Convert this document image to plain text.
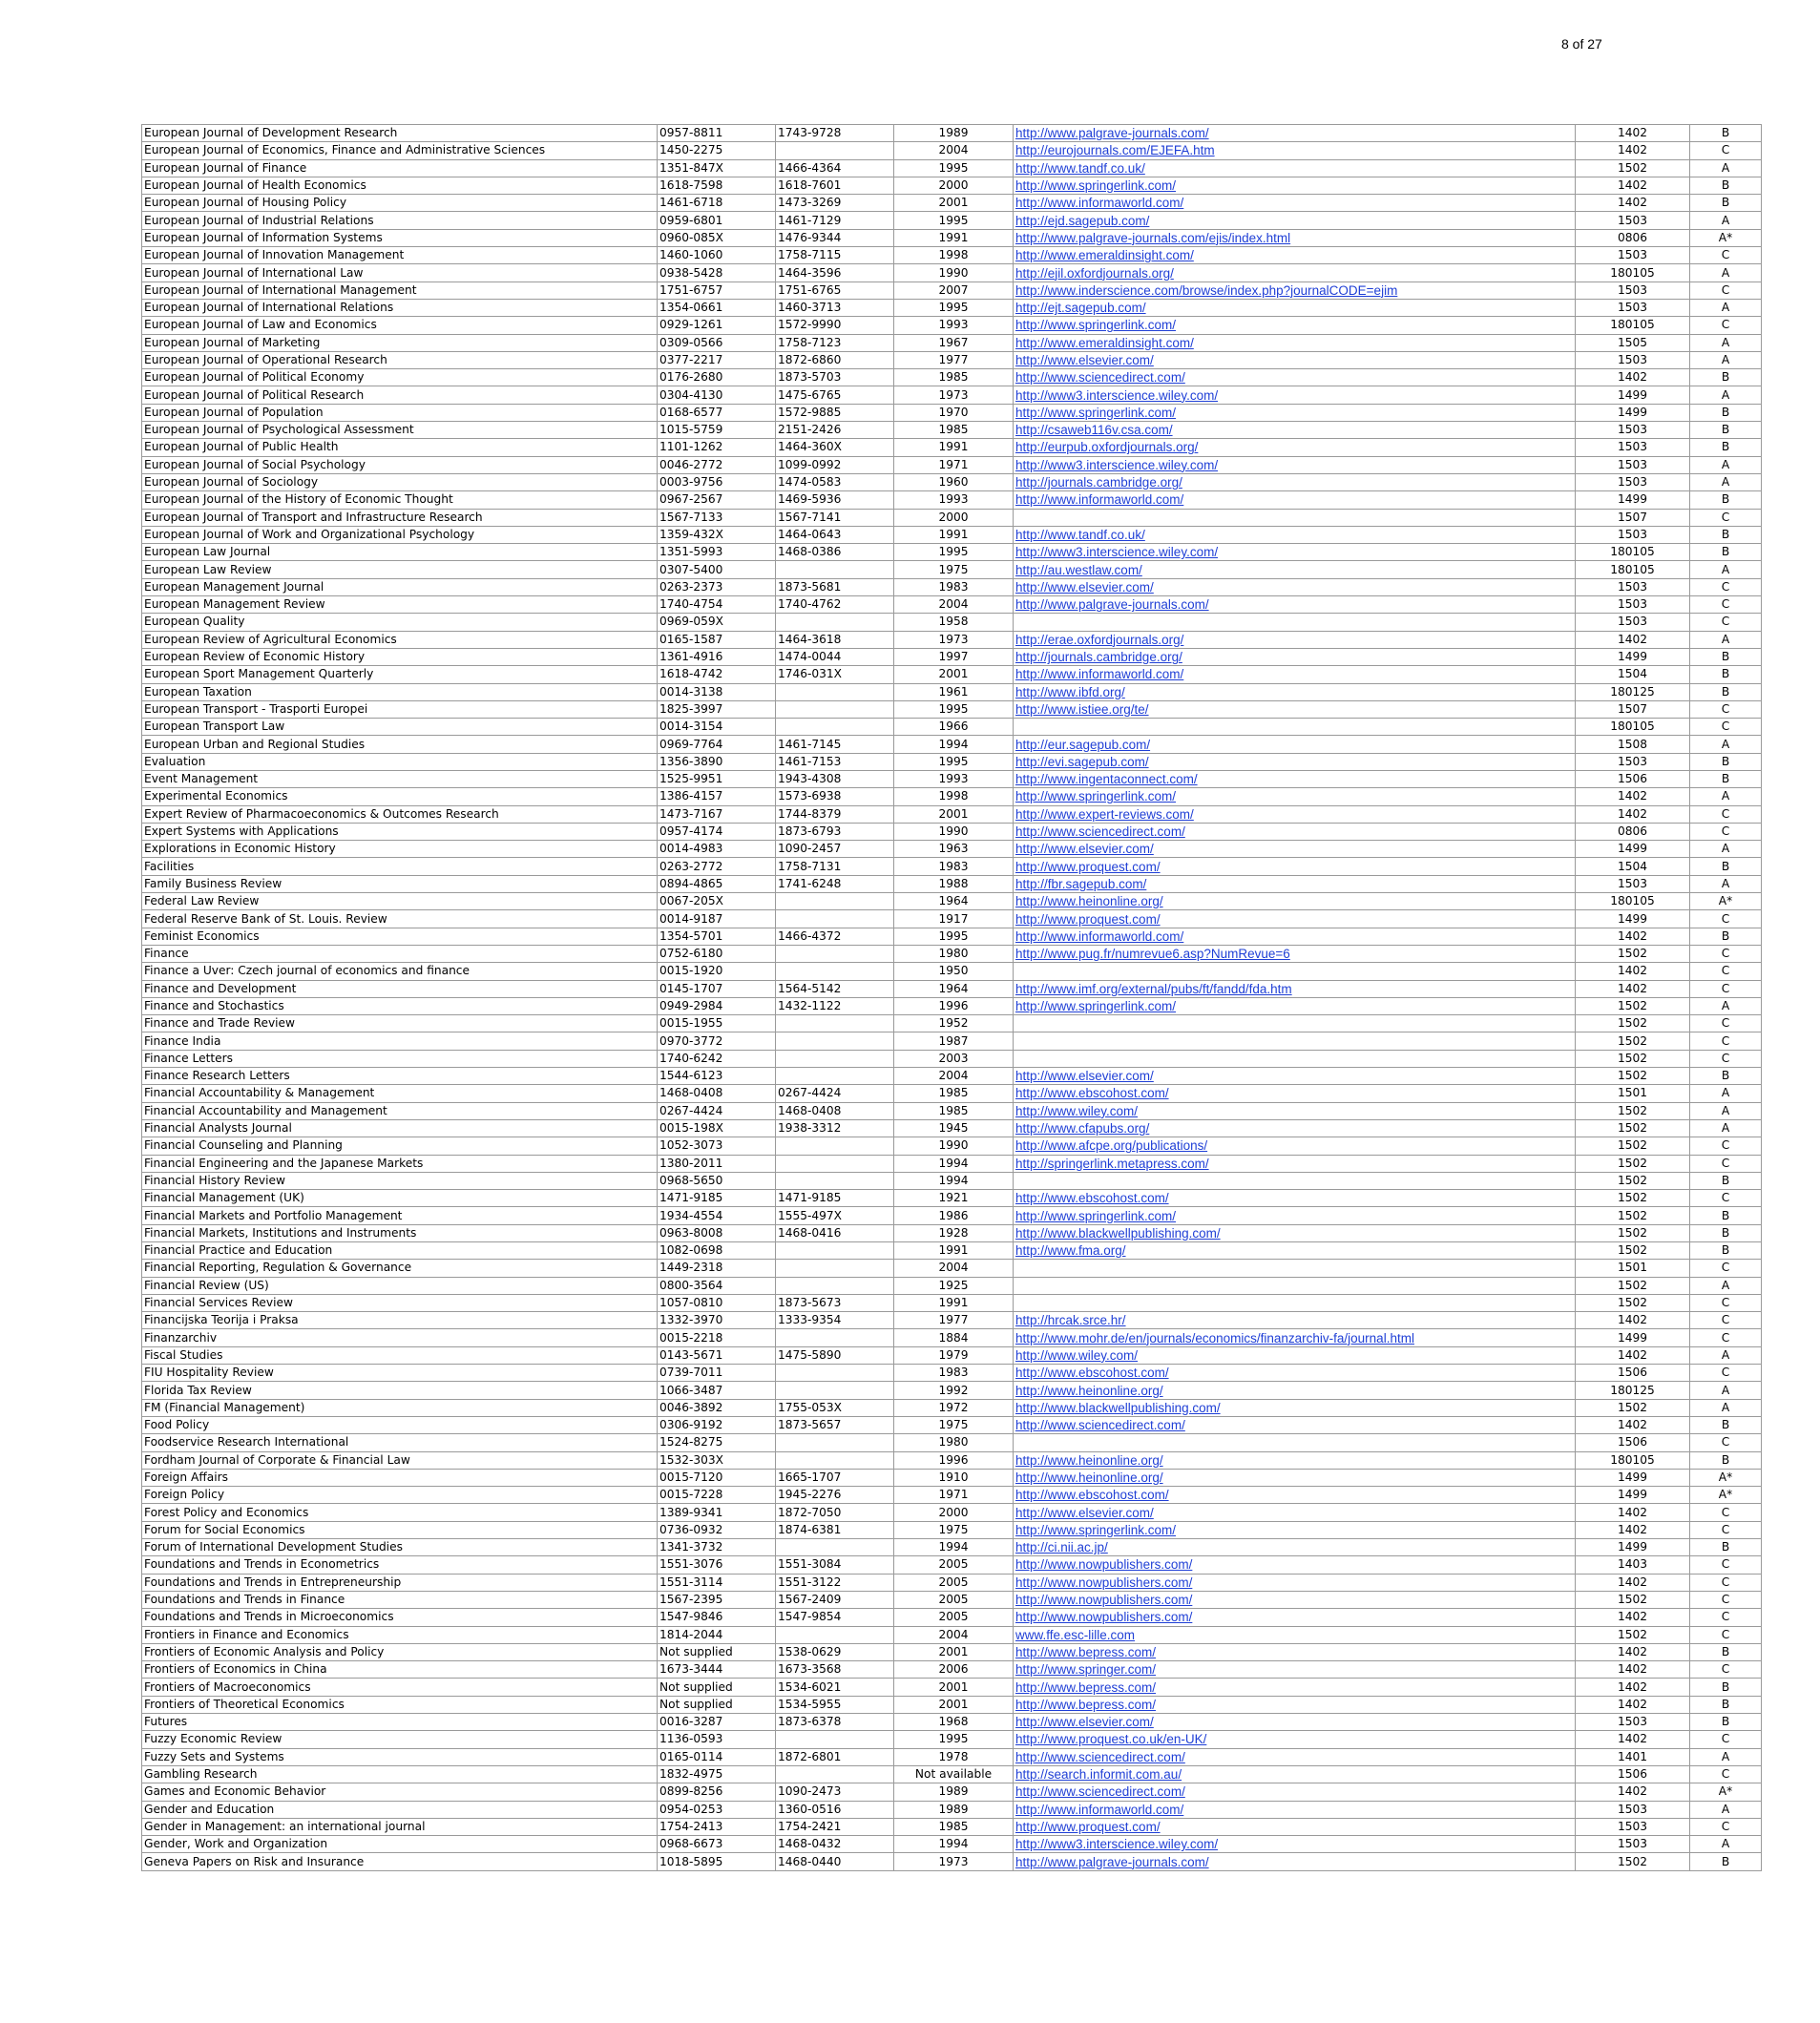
8 of 27
European Journal of Development Research	0957-8811	1743-9728	1989	http://www.palgrave-journals.com/	1402	B
European Journal of Economics, Finance and Administrative Sciences	1450-2275		2004	http://eurojournals.com/EJEFA.htm	1402	C
European Journal of Finance	1351-847X	1466-4364	1995	http://www.tandf.co.uk/	1502	A
European Journal of Health Economics	1618-7598	1618-7601	2000	http://www.springerlink.com/	1402	B
European Journal of Housing Policy	1461-6718	1473-3269	2001	http://www.informaworld.com/	1402	B
European Journal of Industrial Relations	0959-6801	1461-7129	1995	http://ejd.sagepub.com/	1503	A
European Journal of Information Systems	0960-085X	1476-9344	1991	http://www.palgrave-journals.com/ejis/index.html	0806	A*
European Journal of Innovation Management	1460-1060	1758-7115	1998	http://www.emeraldinsight.com/	1503	C
European Journal of International Law	0938-5428	1464-3596	1990	http://ejil.oxfordjournals.org/	180105	A
European Journal of International Management	1751-6757	1751-6765	2007	http://www.inderscience.com/browse/index.php?journalCODE=ejim	1503	C
European Journal of International Relations	1354-0661	1460-3713	1995	http://ejt.sagepub.com/	1503	A
European Journal of Law and Economics	0929-1261	1572-9990	1993	http://www.springerlink.com/	180105	C
European Journal of Marketing	0309-0566	1758-7123	1967	http://www.emeraldinsight.com/	1505	A
European Journal of Operational Research	0377-2217	1872-6860	1977	http://www.elsevier.com/	1503	A
European Journal of Political Economy	0176-2680	1873-5703	1985	http://www.sciencedirect.com/	1402	B
European Journal of Political Research	0304-4130	1475-6765	1973	http://www3.interscience.wiley.com/	1499	A
European Journal of Population	0168-6577	1572-9885	1970	http://www.springerlink.com/	1499	B
European Journal of Psychological Assessment	1015-5759	2151-2426	1985	http://csaweb116v.csa.com/	1503	B
European Journal of Public Health	1101-1262	1464-360X	1991	http://eurpub.oxfordjournals.org/	1503	B
European Journal of Social Psychology	0046-2772	1099-0992	1971	http://www3.interscience.wiley.com/	1503	A
European Journal of Sociology	0003-9756	1474-0583	1960	http://journals.cambridge.org/	1503	A
European Journal of the History of Economic Thought	0967-2567	1469-5936	1993	http://www.informaworld.com/	1499	B
European Journal of Transport and Infrastructure Research	1567-7133	1567-7141	2000		1507	C
European Journal of Work and Organizational Psychology	1359-432X	1464-0643	1991	http://www.tandf.co.uk/	1503	B
European Law Journal	1351-5993	1468-0386	1995	http://www3.interscience.wiley.com/	180105	B
European Law Review	0307-5400		1975	http://au.westlaw.com/	180105	A
European Management Journal	0263-2373	1873-5681	1983	http://www.elsevier.com/	1503	C
European Management Review	1740-4754	1740-4762	2004	http://www.palgrave-journals.com/	1503	C
European Quality	0969-059X		1958		1503	C
European Review of Agricultural Economics	0165-1587	1464-3618	1973	http://erae.oxfordjournals.org/	1402	A
European Review of Economic History	1361-4916	1474-0044	1997	http://journals.cambridge.org/	1499	B
European Sport Management Quarterly	1618-4742	1746-031X	2001	http://www.informaworld.com/	1504	B
European Taxation	0014-3138		1961	http://www.ibfd.org/	180125	B
European Transport - Trasporti Europei	1825-3997		1995	http://www.istiee.org/te/	1507	C
European Transport Law	0014-3154		1966		180105	C
European Urban and Regional Studies	0969-7764	1461-7145	1994	http://eur.sagepub.com/	1508	A
Evaluation	1356-3890	1461-7153	1995	http://evi.sagepub.com/	1503	B
Event Management	1525-9951	1943-4308	1993	http://www.ingentaconnect.com/	1506	B
Experimental Economics	1386-4157	1573-6938	1998	http://www.springerlink.com/	1402	A
Expert Review of Pharmacoeconomics & Outcomes Research	1473-7167	1744-8379	2001	http://www.expert-reviews.com/	1402	C
Expert Systems with Applications	0957-4174	1873-6793	1990	http://www.sciencedirect.com/	0806	C
Explorations in Economic History	0014-4983	1090-2457	1963	http://www.elsevier.com/	1499	A
Facilities	0263-2772	1758-7131	1983	http://www.proquest.com/	1504	B
Family Business Review	0894-4865	1741-6248	1988	http://fbr.sagepub.com/	1503	A
Federal Law Review	0067-205X		1964	http://www.heinonline.org/	180105	A*
Federal Reserve Bank of St. Louis. Review	0014-9187		1917	http://www.proquest.com/	1499	C
Feminist Economics	1354-5701	1466-4372	1995	http://www.informaworld.com/	1402	B
Finance	0752-6180		1980	http://www.pug.fr/numrevue6.asp?NumRevue=6	1502	C
Finance a Uver: Czech journal of economics and finance	0015-1920		1950		1402	C
Finance and Development	0145-1707	1564-5142	1964	http://www.imf.org/external/pubs/ft/fandd/fda.htm	1402	C
Finance and Stochastics	0949-2984	1432-1122	1996	http://www.springerlink.com/	1502	A
Finance and Trade Review	0015-1955		1952		1502	C
Finance India	0970-3772		1987		1502	C
Finance Letters	1740-6242		2003		1502	C
Finance Research Letters	1544-6123		2004	http://www.elsevier.com/	1502	B
Financial Accountability & Management	1468-0408	0267-4424	1985	http://www.ebscohost.com/	1501	A
Financial Accountability and Management	0267-4424	1468-0408	1985	http://www.wiley.com/	1502	A
Financial Analysts Journal	0015-198X	1938-3312	1945	http://www.cfapubs.org/	1502	A
Financial Counseling and Planning	1052-3073		1990	http://www.afcpe.org/publications/	1502	C
Financial Engineering and the Japanese Markets	1380-2011		1994	http://springerlink.metapress.com/	1502	C
Financial History Review	0968-5650		1994		1502	B
Financial Management (UK)	1471-9185	1471-9185	1921	http://www.ebscohost.com/	1502	C
Financial Markets and Portfolio Management	1934-4554	1555-497X	1986	http://www.springerlink.com/	1502	B
Financial Markets, Institutions and Instruments	0963-8008	1468-0416	1928	http://www.blackwellpublishing.com/	1502	B
Financial Practice and Education	1082-0698		1991	http://www.fma.org/	1502	B
Financial Reporting, Regulation & Governance	1449-2318		2004		1501	C
Financial Review (US)	0800-3564		1925		1502	A
Financial Services Review	1057-0810	1873-5673	1991		1502	C
Financijska Teorija i Praksa	1332-3970	1333-9354	1977	http://hrcak.srce.hr/	1402	C
Finanzarchiv	0015-2218		1884	http://www.mohr.de/en/journals/economics/finanzarchiv-fa/journal.html	1499	C
Fiscal Studies	0143-5671	1475-5890	1979	http://www.wiley.com/	1402	A
FIU Hospitality Review	0739-7011		1983	http://www.ebscohost.com/	1506	C
Florida Tax Review	1066-3487		1992	http://www.heinonline.org/	180125	A
FM (Financial Management)	0046-3892	1755-053X	1972	http://www.blackwellpublishing.com/	1502	A
Food Policy	0306-9192	1873-5657	1975	http://www.sciencedirect.com/	1402	B
Foodservice Research International	1524-8275		1980		1506	C
Fordham Journal of Corporate & Financial Law	1532-303X		1996	http://www.heinonline.org/	180105	B
Foreign Affairs	0015-7120	1665-1707	1910	http://www.heinonline.org/	1499	A*
Foreign Policy	0015-7228	1945-2276	1971	http://www.ebscohost.com/	1499	A*
Forest Policy and Economics	1389-9341	1872-7050	2000	http://www.elsevier.com/	1402	C
Forum for Social Economics	0736-0932	1874-6381	1975	http://www.springerlink.com/	1402	C
Forum of International Development Studies	1341-3732		1994	http://ci.nii.ac.jp/	1499	B
Foundations and Trends in Econometrics	1551-3076	1551-3084	2005	http://www.nowpublishers.com/	1403	C
Foundations and Trends in Entrepreneurship	1551-3114	1551-3122	2005	http://www.nowpublishers.com/	1402	C
Foundations and Trends in Finance	1567-2395	1567-2409	2005	http://www.nowpublishers.com/	1502	C
Foundations and Trends in Microeconomics	1547-9846	1547-9854	2005	http://www.nowpublishers.com/	1402	C
Frontiers in Finance and Economics	1814-2044		2004	www.ffe.esc-lille.com	1502	C
Frontiers of Economic Analysis and Policy	Not supplied	1538-0629	2001	http://www.bepress.com/	1402	B
Frontiers of Economics in China	1673-3444	1673-3568	2006	http://www.springer.com/	1402	C
Frontiers of Macroeconomics	Not supplied	1534-6021	2001	http://www.bepress.com/	1402	B
Frontiers of Theoretical Economics	Not supplied	1534-5955	2001	http://www.bepress.com/	1402	B
Futures	0016-3287	1873-6378	1968	http://www.elsevier.com/	1503	B
Fuzzy Economic Review	1136-0593		1995	http://www.proquest.co.uk/en-UK/	1402	C
Fuzzy Sets and Systems	0165-0114	1872-6801	1978	http://www.sciencedirect.com/	1401	A
Gambling Research	1832-4975		Not available	http://search.informit.com.au/	1506	C
Games and Economic Behavior	0899-8256	1090-2473	1989	http://www.sciencedirect.com/	1402	A*
Gender and Education	0954-0253	1360-0516	1989	http://www.informaworld.com/	1503	A
Gender in Management: an international journal	1754-2413	1754-2421	1985	http://www.proquest.com/	1503	C
Gender, Work and Organization	0968-6673	1468-0432	1994	http://www3.interscience.wiley.com/	1503	A
Geneva Papers on Risk and Insurance	1018-5895	1468-0440	1973	http://www.palgrave-journals.com/	1502	B
